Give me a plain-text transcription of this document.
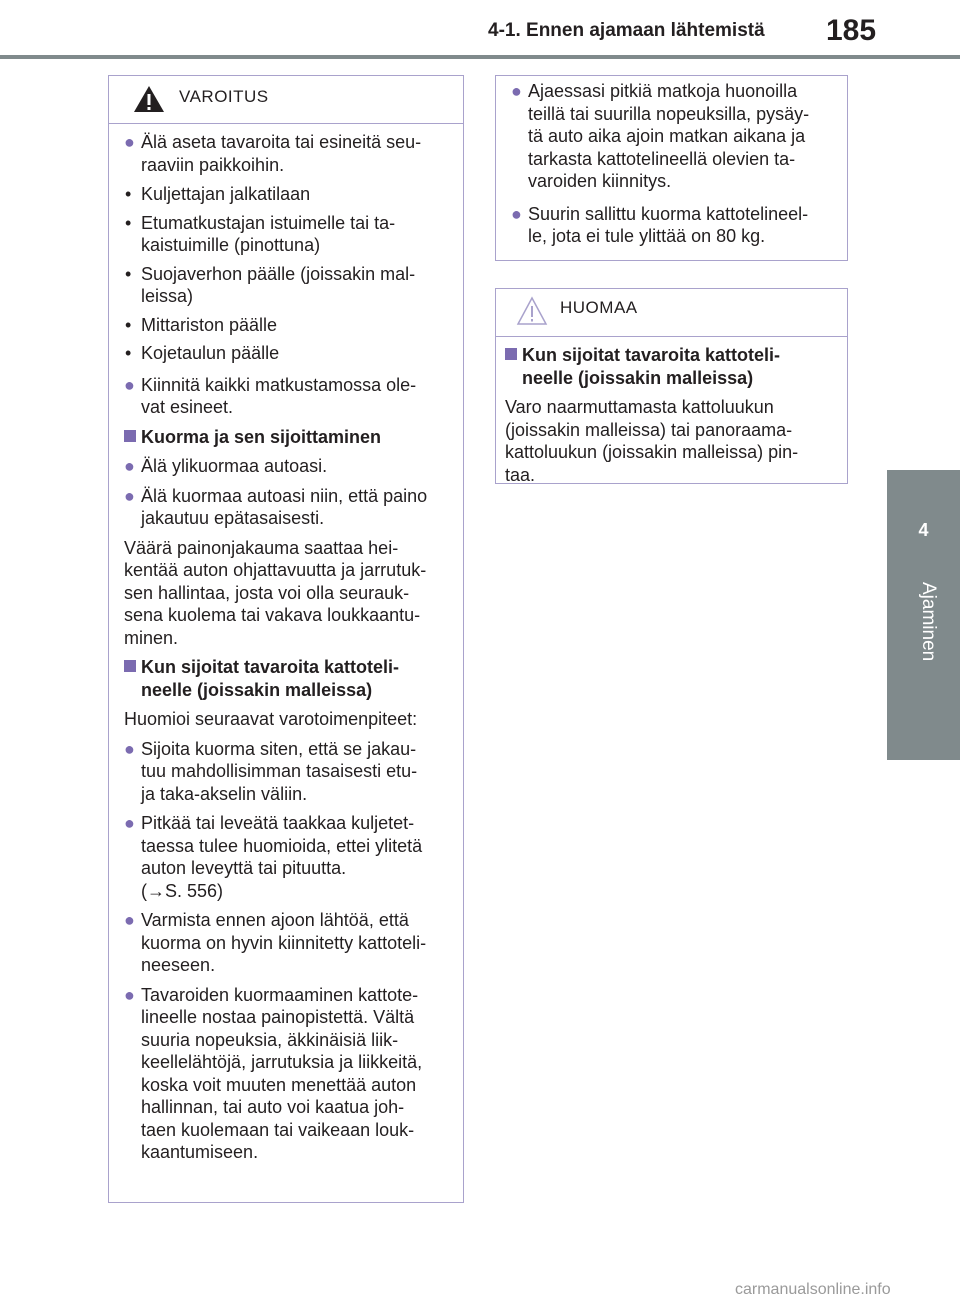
4-1. Ennen ajamaan lähtemistä 185
4
Ajaminen
VAROITUS
● Älä aseta tavaroita tai esineitä seu-
raaviin paikkoihin.
• Kuljettajan jalkatilaan
• Etumatkustajan istuimelle tai ta-
kaistuimille (pinottuna)
• Suojaverhon päälle (joissakin mal-
leissa)
• Mittariston päälle
• Kojetaulun päälle
● Kiinnitä kaikki matkustamossa ole-
vat esineet.
Kuorma ja sen sijoittaminen
● Älä ylikuormaa autoasi.
● Älä kuormaa autoasi niin, että paino
jakautuu epätasaisesti.
Väärä painonjakauma saattaa hei-
kentää auton ohjattavuutta ja jarrutuk-
sen hallintaa, josta voi olla seurauk-
sena kuolema tai vakava loukkaantu-
minen.
Kun sijoitat tavaroita kattoteli-
neelle (joissakin malleissa)
Huomioi seuraavat varotoimenpiteet:
● Sijoita kuorma siten, että se jakau-
tuu mahdollisimman tasaisesti etu-
ja taka-akselin väliin.
● Pitkää tai leveätä taakkaa kuljetet-
taessa tulee huomioida, ettei ylitetä
auton leveyttä tai pituutta.
(→S. 556)
● Varmista ennen ajoon lähtöä, että
kuorma on hyvin kiinnitetty kattoteli-
neeseen.
● Tavaroiden kuormaaminen kattote-
lineelle nostaa painopistettä. Vältä
suuria nopeuksia, äkkinäisiä liik-
keellelähtöjä, jarrutuksia ja liikkeitä,
koska voit muuten menettää auton
hallinnan, tai auto voi kaatua joh-
taen kuolemaan tai vaikeaan louk-
kaantumiseen.
● Ajaessasi pitkiä matkoja huonoilla
teillä tai suurilla nopeuksilla, pysäy-
tä auto aika ajoin matkan aikana ja
tarkasta kattotelineellä olevien ta-
varoiden kiinnitys.
● Suurin sallittu kuorma kattotelineel-
le, jota ei tule ylittää on 80 kg.
HUOMAA
Kun sijoitat tavaroita kattoteli-
neelle (joissakin malleissa)
Varo naarmuttamasta kattoluukun
(joissakin malleissa) tai panoraama-
kattoluukun (joissakin malleissa) pin-
taa.
carmanualsonline.info
